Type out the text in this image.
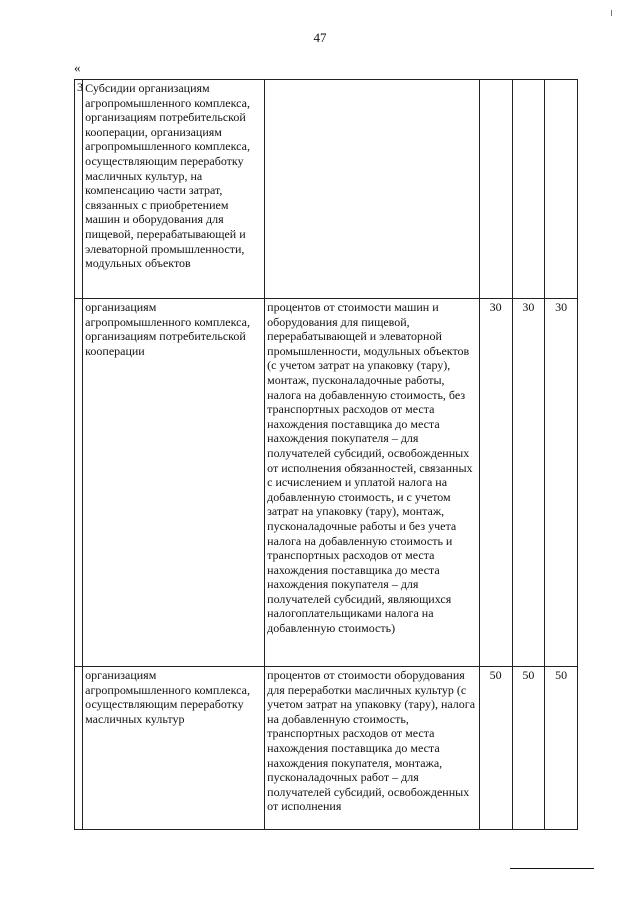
47
«
3	Субсидии организациям агропромышленного комплекса, организациям потребительской кооперации, организациям агропромышленного комплекса, осуществляющим переработку масличных культур, на компенсацию части затрат, связанных с приобретением машин и оборудования для пищевой, перерабатывающей и элеваторной промышленности, модульных объектов				
	организациям агропромышленного комплекса, организациям потребительской кооперации	процентов от стоимости машин и оборудования для пищевой, перерабатывающей и элеваторной промышленности, модульных объектов (с учетом затрат на упаковку (тару), монтаж, пусконаладочные работы, налога на добавленную стоимость, без транспортных расходов от места нахождения поставщика до места нахождения покупателя – для получателей субсидий, освобожденных от исполнения обязанностей, связанных с исчислением и уплатой налога на добавленную стоимость, и с учетом затрат на упаковку (тару), монтаж, пусконаладочные работы и без учета налога на добавленную стоимость и транспортных расходов от места нахождения поставщика до места нахождения покупателя – для получателей субсидий, являющихся налогоплательщиками налога на добавленную стоимость)	30	30	30
	организациям агропромышленного комплекса, осуществляющим переработку масличных культур	процентов от стоимости оборудования для переработки масличных культур (с учетом затрат на упаковку (тару), налога на добавленную стоимость, транспортных расходов от места нахождения поставщика до места нахождения покупателя, монтажа, пусконаладочных работ – для получателей субсидий, освобожденных от исполнения	50	50	50
